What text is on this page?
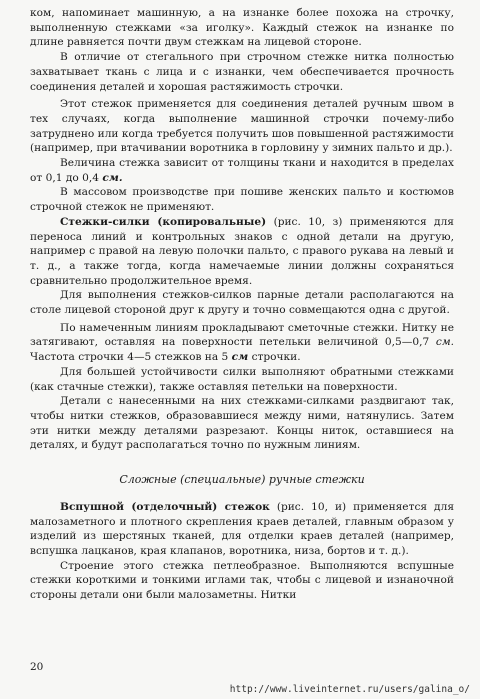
ком, напоминает машинную, а на изнанке более похожа на строчку, выполненную стежками «за иголку». Каждый стежок на изнанке по длине равняется почти двум стежкам на лицевой стороне.

В отличие от стегального при строчном стежке нитка полностью захватывает ткань с лица и с изнанки, чем обеспечивается прочность соединения деталей и хорошая растяжимость строчки.

Этот стежок применяется для соединения деталей ручным швом в тех случаях, когда выполнение машинной строчки почему-либо затруднено или когда требуется получить шов повышенной растяжимости (например, при втачивании воротника в горловину у зимних пальто и др.).

Величина стежка зависит от толщины ткани и находится в пределах от 0,1 до 0,4 см.

В массовом производстве при пошиве женских пальто и костюмов строчной стежок не применяют.

Стежки-силки (копировальные) (рис. 10, з) применяются для переноса линий и контрольных знаков с одной детали на другую, например с правой на левую полочки пальто, с правого рукава на левый и т. д., а также тогда, когда намечаемые линии должны сохраняться сравнительно продолжительное время.

Для выполнения стежков-силков парные детали располагаются на столе лицевой стороной друг к другу и точно совмещаются одна с другой.

По намеченным линиям прокладывают сметочные стежки. Нитку не затягивают, оставляя на поверхности петельки величиной 0,5—0,7 см. Частота строчки 4—5 стежков на 5 см строчки.

Для большей устойчивости силки выполняют обратными стежками (как стачные стежки), также оставляя петельки на поверхности.

Детали с нанесенными на них стежками-силками раздвигают так, чтобы нитки стежков, образовавшиеся между ними, натянулись. Затем эти нитки между деталями разрезают. Концы ниток, оставшиеся на деталях, и будут располагаться точно по нужным линиям.

Сложные (специальные) ручные стежки

Вспушной (отделочный) стежок (рис. 10, и) применяется для малозаметного и плотного скрепления краев деталей, главным образом у изделий из шерстяных тканей, для отделки краев деталей (например, вспушка лацканов, края клапанов, воротника, низа, бортов и т. д.).

Строение этого стежка петлеобразное. Выполняются вспушные стежки короткими и тонкими иглами так, чтобы с лицевой и изнаночной стороны детали они были малозаметны. Нитки

20
http://www.liveinternet.ru/users/galina_o/
